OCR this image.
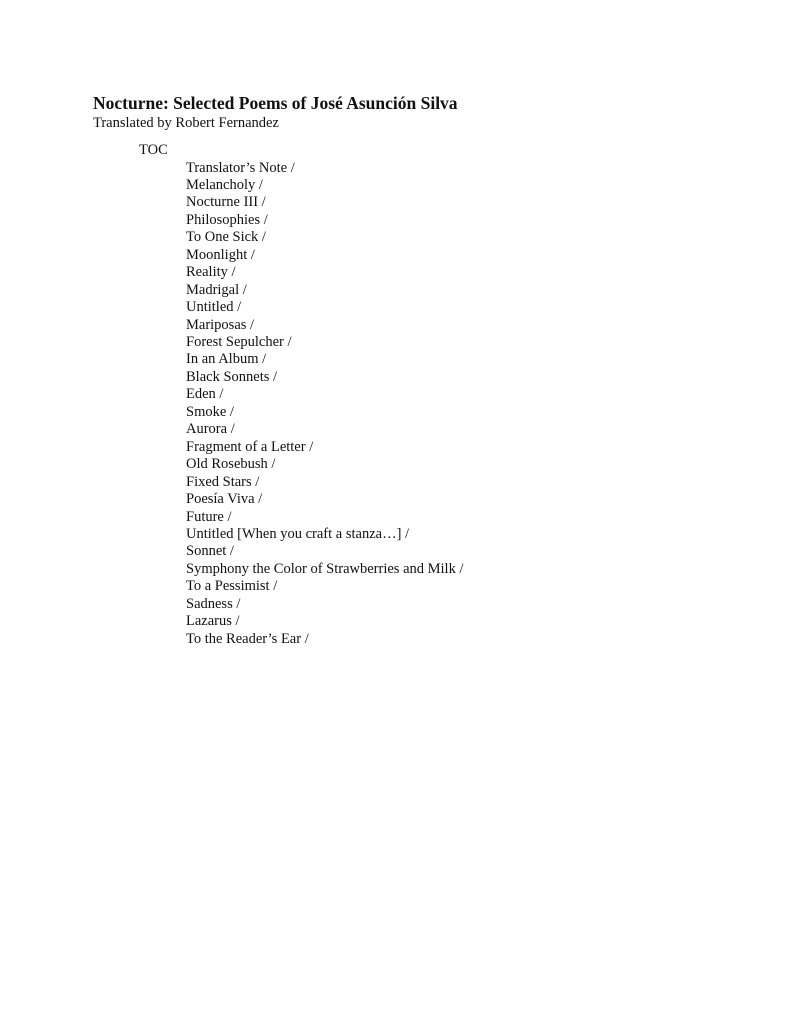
Nocturne: Selected Poems of José Asunción Silva

Translated by Robert Fernandez

TOC
Translator’s Note /
Melancholy /
Nocturne III /
Philosophies /
To One Sick /
Moonlight /
Reality /
Madrigal /
Untitled /
Mariposas /
Forest Sepulcher /
In an Album /
Black Sonnets /
Eden /
Smoke /
Aurora /
Fragment of a Letter /
Old Rosebush /
Fixed Stars /
Poesía Viva /
Future /
Untitled [When you craft a stanza…] /
Sonnet /
Symphony the Color of Strawberries and Milk /
To a Pessimist /
Sadness /
Lazarus /
To the Reader’s Ear /
